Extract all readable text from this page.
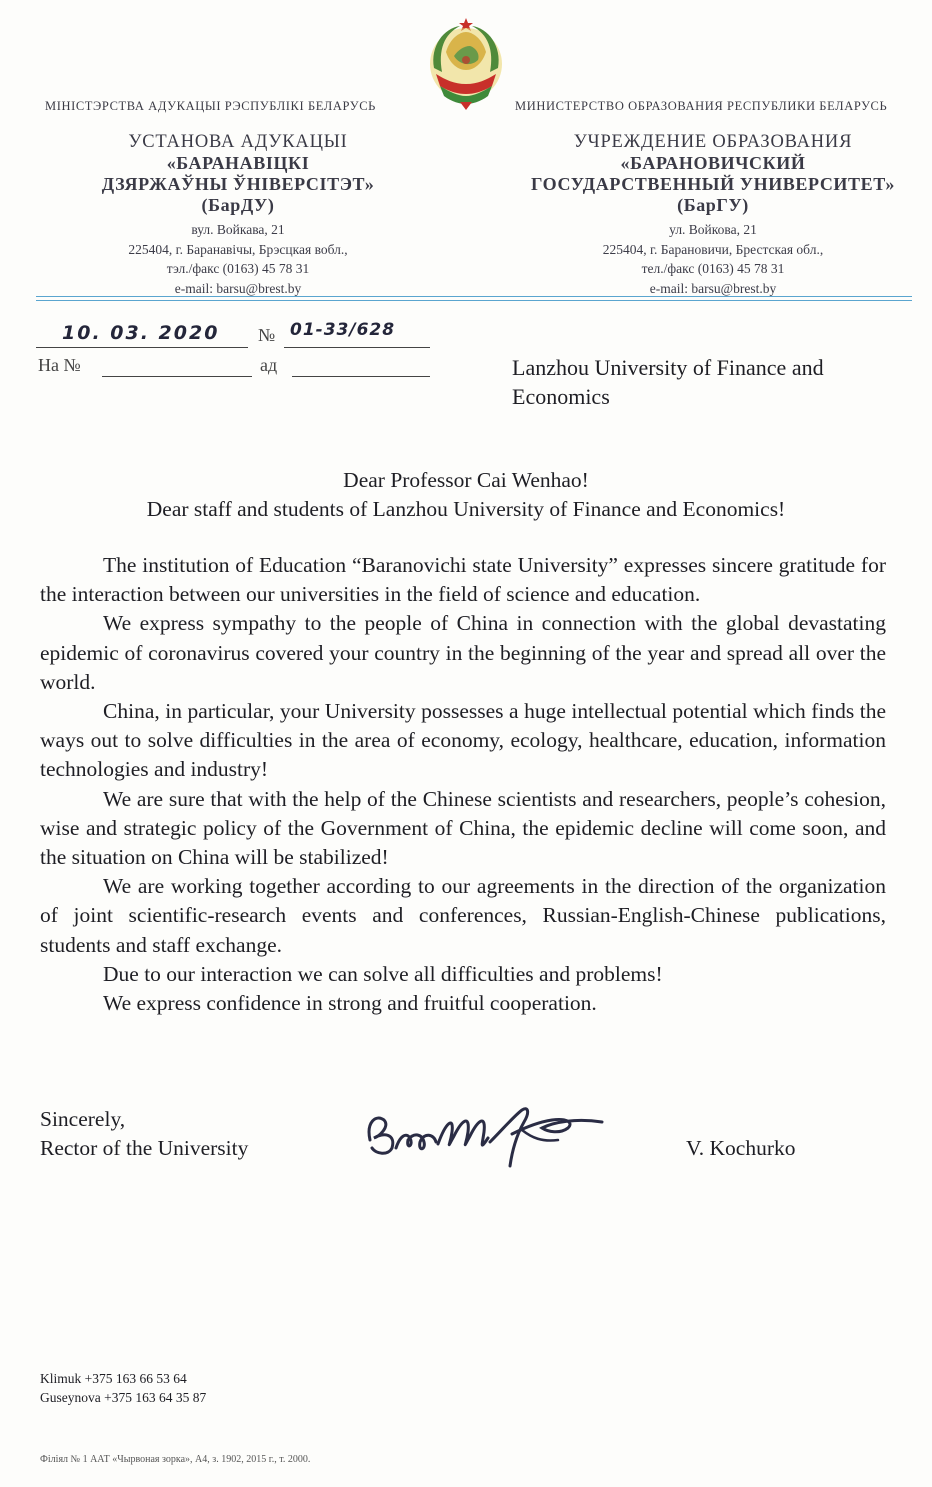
МІНІСТЭРСТВА АДУКАЦЫІ РЭСПУБЛІКІ БЕЛАРУСЬ	МИНИСТЕРСТВО ОБРАЗОВАНИЯ РЕСПУБЛИКИ БЕЛАРУСЬ
УСТАНОВА АДУКАЦЫІ
«БАРАНАВІЦКІ
ДЗЯРЖАЎНЫ ЎНІВЕРСІТЭТ»
(БарДУ)
вул. Войкава, 21
225404, г. Баранавічы, Брэсцкая вобл.,
тэл./факс (0163) 45 78 31
e-mail: barsu@brest.by
УЧРЕЖДЕНИЕ ОБРАЗОВАНИЯ
«БАРАНОВИЧСКИЙ
ГОСУДАРСТВЕННЫЙ УНИВЕРСИТЕТ»
(БарГУ)
ул. Войкова, 21
225404, г. Барановичи, Брестская обл.,
тел./факс (0163) 45 78 31
e-mail: barsu@brest.by
10. 03. 2020 № 01-33/628
На №	ад	Lanzhou University of Finance and Economics
Dear Professor Cai Wenhao!
Dear staff and students of Lanzhou University of Finance and Economics!

The institution of Education “Baranovichi state University” expresses sincere gratitude for the interaction between our universities in the field of science and education.

We express sympathy to the people of China in connection with the global devastating epidemic of coronavirus covered your country in the beginning of the year and spread all over the world.

China, in particular, your University possesses a huge intellectual potential which finds the ways out to solve difficulties in the area of economy, ecology, healthcare, education, information technologies and industry!

We are sure that with the help of the Chinese scientists and researchers, people’s cohesion, wise and strategic policy of the Government of China, the epidemic decline will come soon, and the situation on China will be stabilized!

We are working together according to our agreements in the direction of the organization of joint scientific-research events and conferences, Russian-English-Chinese publications, students and staff exchange.

Due to our interaction we can solve all difficulties and problems!

We express confidence in strong and fruitful cooperation.

Sincerely,
Rector of the University	V. Kochurko
Klimuk +375 163 66 53 64
Guseynova +375 163 64 35 87
Філіял № 1 ААТ «Чырвоная зорка», А4, з. 1902, 2015 г., т. 2000.
